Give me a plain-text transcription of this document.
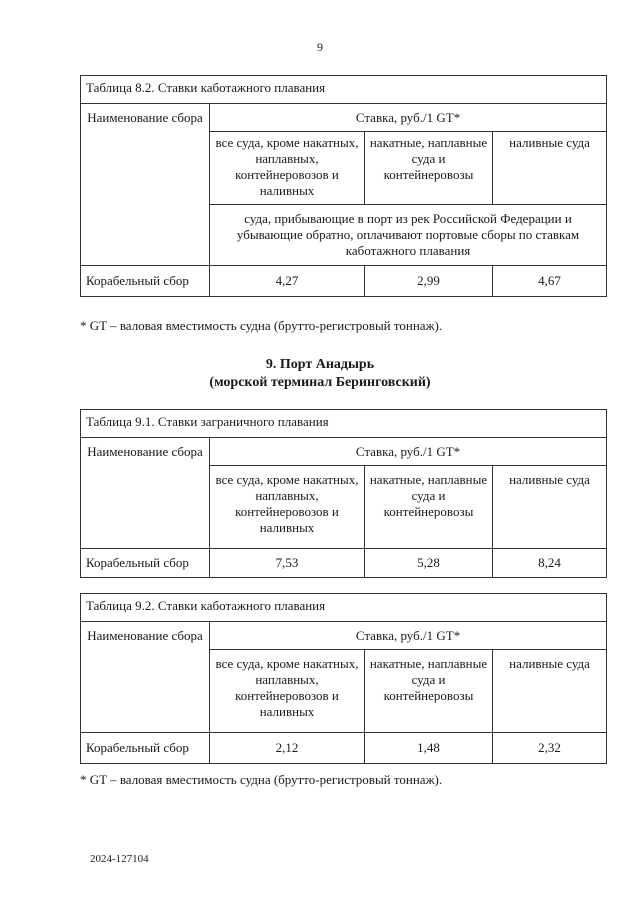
9
Таблица 8.2. Ставки каботажного плавания			
Наименование сбора	Ставка, руб./1 GT*		
	все суда, кроме накатных, наплавных, контейнеровозов и наливных	накатные, наплавные суда и контейнеровозы	наливные суда
	суда, прибывающие в порт из рек Российской Федерации и убывающие обратно, оплачивают портовые сборы по ставкам каботажного плавания		
Корабельный сбор	4,27	2,99	4,67
* GT – валовая вместимость судна (брутто-регистровый тоннаж).
9. Порт Анадырь
(морской терминал Беринговский)
Таблица 9.1. Ставки заграничного плавания			
Наименование сбора	Ставка, руб./1 GT*		
	все суда, кроме накатных, наплавных, контейнеровозов и наливных	накатные, наплавные суда и контейнеровозы	наливные суда
Корабельный сбор	7,53	5,28	8,24
Таблица 9.2. Ставки каботажного плавания			
Наименование сбора	Ставка, руб./1 GT*		
	все суда, кроме накатных, наплавных, контейнеровозов и наливных	накатные, наплавные суда и контейнеровозы	наливные суда
Корабельный сбор	2,12	1,48	2,32
* GT – валовая вместимость судна (брутто-регистровый тоннаж).
2024-127104
